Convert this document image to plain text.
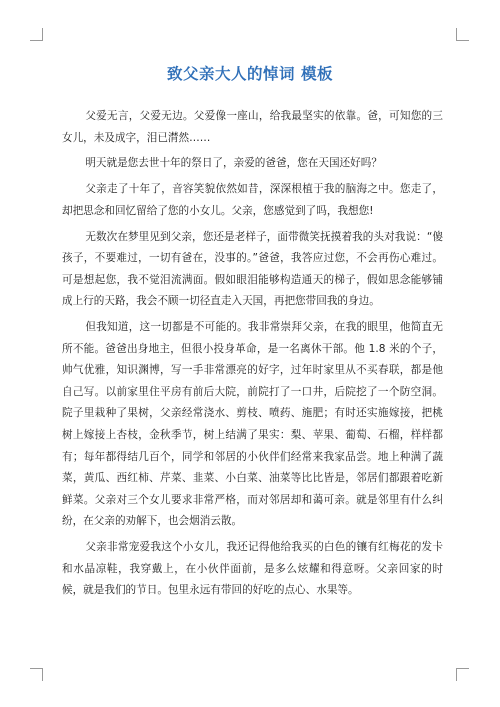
致父亲大人的悼词 模板

父爱无言，父爱无边。父爱像一座山，给我最坚实的依靠。爸，可知您的三女儿，未及成字，泪已潸然……

明天就是您去世十年的祭日了，亲爱的爸爸，您在天国还好吗？

父亲走了十年了，音容笑貌依然如昔，深深根植于我的脑海之中。您走了，却把思念和回忆留给了您的小女儿。父亲，您感觉到了吗，我想您!

无数次在梦里见到父亲，您还是老样子，面带微笑抚摸着我的头对我说：“傻孩子，不要难过，一切有爸在，没事的。”爸爸，我答应过您，不会再伤心难过。可是想起您，我不觉泪流满面。假如眼泪能够构造通天的梯子，假如思念能够铺成上行的天路，我会不顾一切径直走入天国，再把您带回我的身边。

但我知道，这一切都是不可能的。我非常崇拜父亲，在我的眼里，他简直无所不能。爸爸出身地主，但很小投身革命，是一名离休干部。他 1.8 米的个子，帅气优雅，知识渊博，写一手非常漂亮的好字，过年时家里从不买春联，都是他自己写。以前家里住平房有前后大院，前院打了一口井，后院挖了一个防空洞。院子里栽种了果树，父亲经常浇水、剪枝、喷药、施肥；有时还实施嫁接，把桃树上嫁接上杏枝，金秋季节，树上结满了果实：梨、苹果、葡萄、石榴，样样都有；每年都得结几百个，同学和邻居的小伙伴们经常来我家品尝。地上种满了蔬菜，黄瓜、西红柿、芹菜、韭菜、小白菜、油菜等比比皆是，邻居们都跟着吃新鲜菜。父亲对三个女儿要求非常严格，而对邻居却和蔼可亲。就是邻里有什么纠纷，在父亲的劝解下，也会烟消云散。

父亲非常宠爱我这个小女儿，我还记得他给我买的白色的镶有红梅花的发卡和水晶凉鞋，我穿戴上，在小伙伴面前，是多么炫耀和得意呀。父亲回家的时候，就是我们的节日。包里永远有带回的好吃的点心、水果等。
